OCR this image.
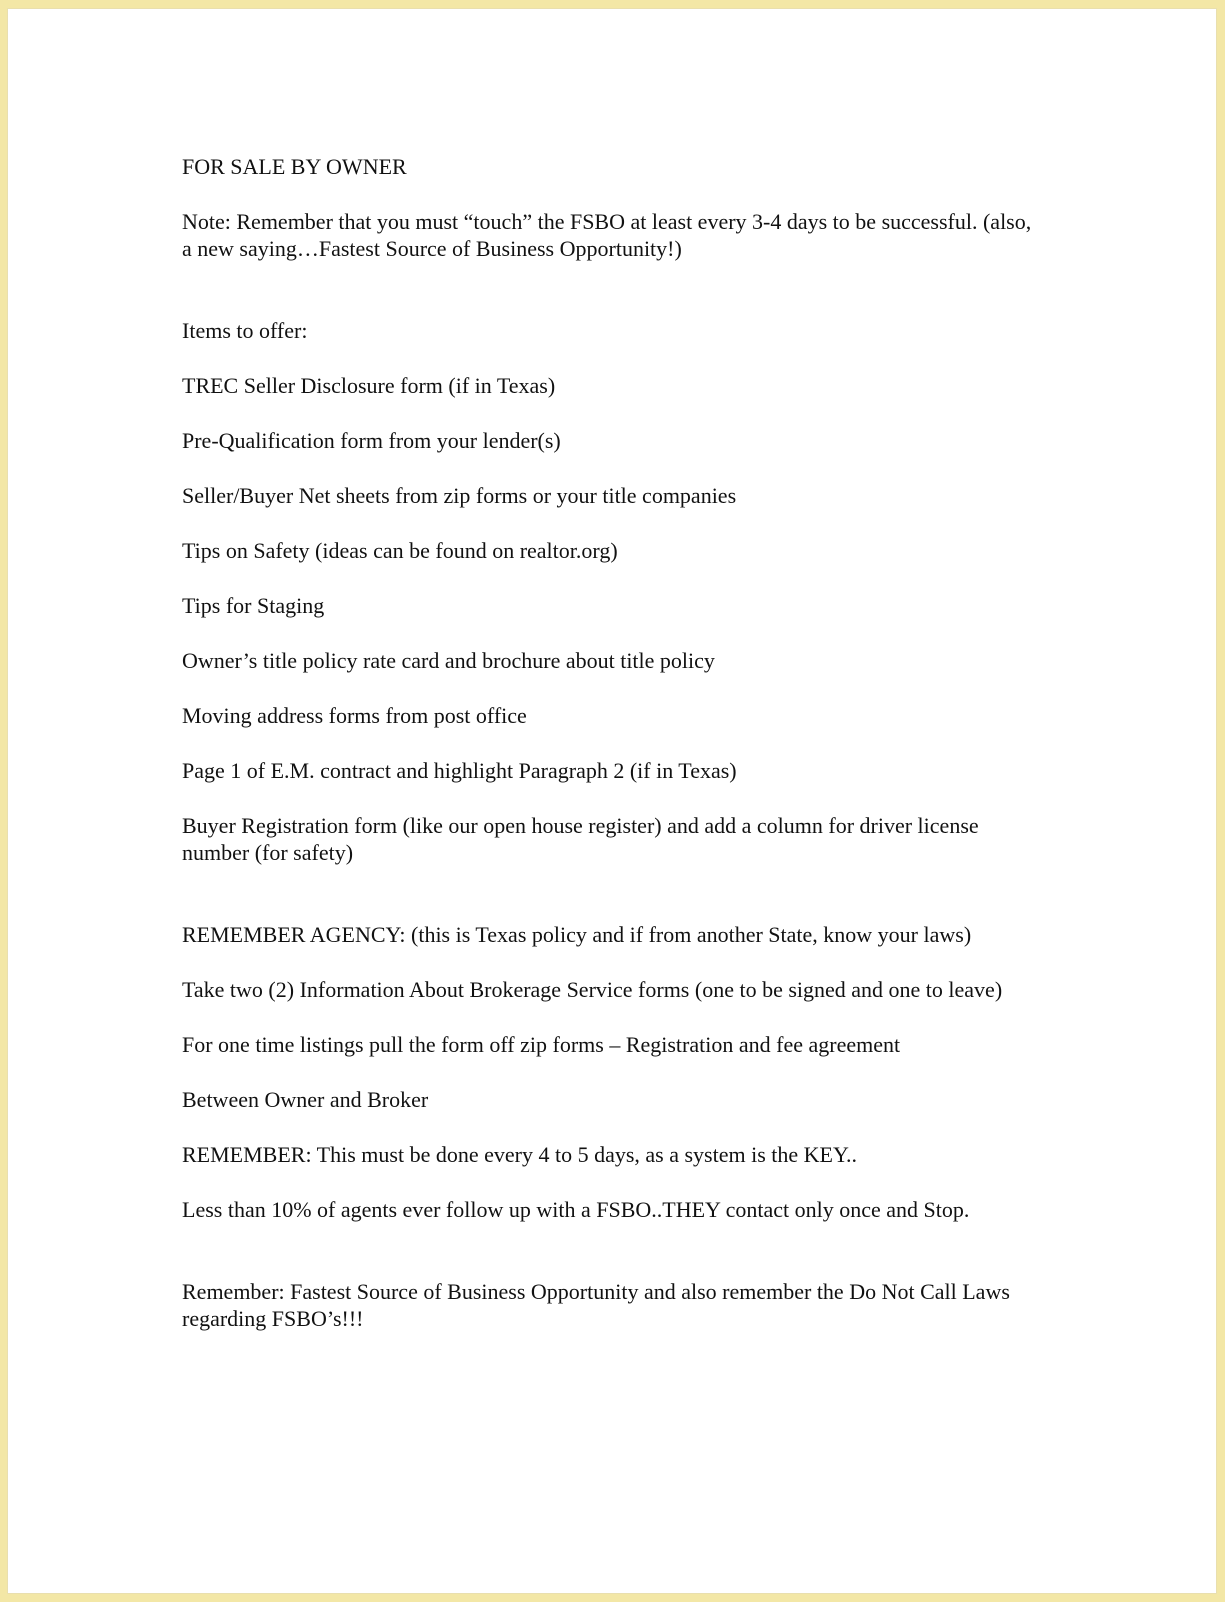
FOR SALE BY OWNER

Note: Remember that you must “touch” the FSBO at least every 3-4 days to be successful. (also, a new saying…Fastest Source of Business Opportunity!)

Items to offer:

TREC Seller Disclosure form (if in Texas)

Pre-Qualification form from your lender(s)

Seller/Buyer Net sheets from zip forms or your title companies

Tips on Safety (ideas can be found on realtor.org)

Tips for Staging

Owner’s title policy rate card and brochure about title policy

Moving address forms from post office

Page 1 of E.M. contract and highlight Paragraph 2 (if in Texas)

Buyer Registration form (like our open house register) and add a column for driver license number (for safety)

REMEMBER AGENCY: (this is Texas policy and if from another State, know your laws)

Take two (2) Information About Brokerage Service forms (one to be signed and one to leave)

For one time listings pull the form off zip forms – Registration and fee agreement

Between Owner and Broker

REMEMBER: This must be done every 4 to 5 days, as a system is the KEY..

Less than 10% of agents ever follow up with a FSBO..THEY contact only once and Stop.

Remember: Fastest Source of Business Opportunity and also remember the Do Not Call Laws regarding FSBO’s!!!
